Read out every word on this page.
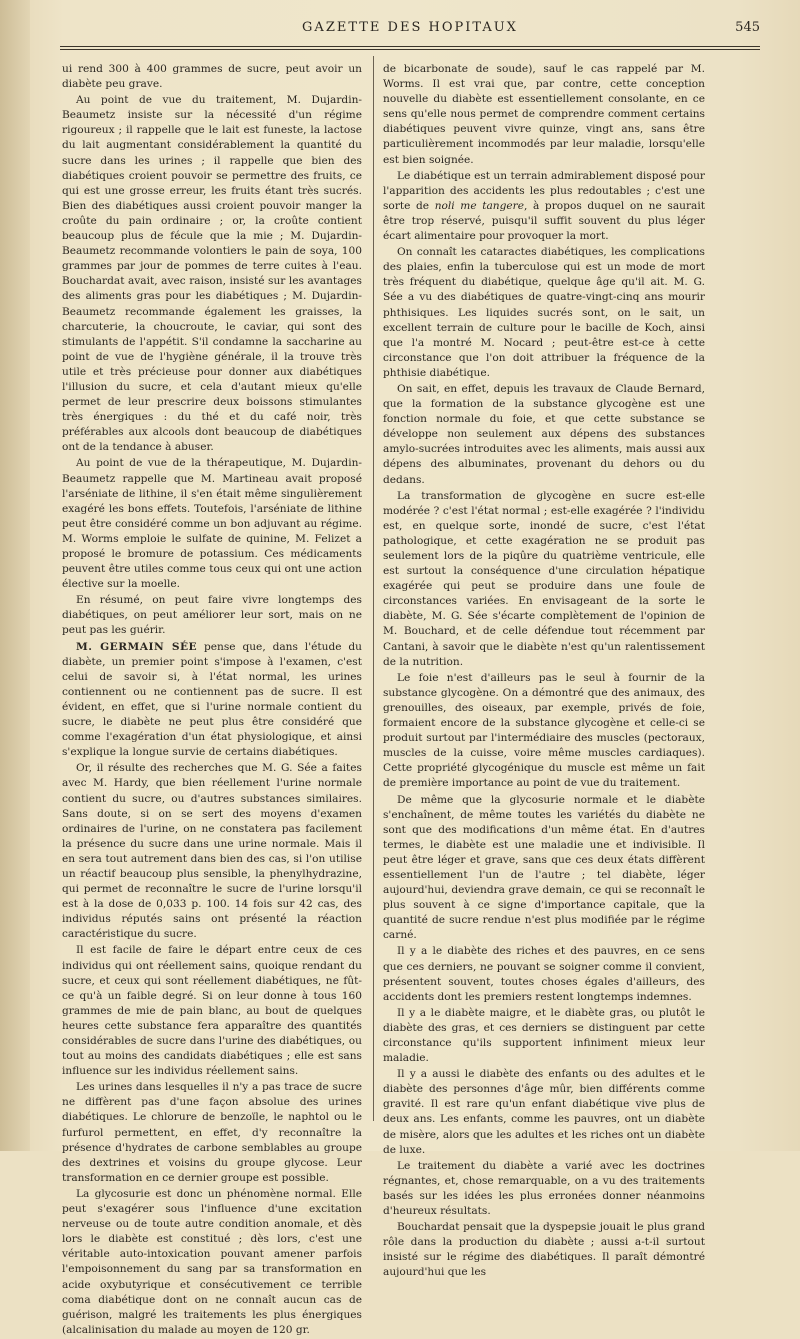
GAZETTE DES HOPITAUX	545

ui rend 300 à 400 grammes de sucre, peut avoir un diabète peu grave.

Au point de vue du traitement, M. Dujardin-Beaumetz insiste sur la nécessité d'un régime rigoureux ; il rappelle que le lait est funeste, la lactose du lait augmentant considérablement la quantité du sucre dans les urines ; il rappelle que bien des diabétiques croient pouvoir se permettre des fruits, ce qui est une grosse erreur, les fruits étant très sucrés. Bien des diabétiques aussi croient pouvoir manger la croûte du pain ordinaire ; or, la croûte contient beaucoup plus de fécule que la mie ; M. Dujardin-Beaumetz recommande volontiers le pain de soya, 100 grammes par jour de pommes de terre cuites à l'eau. Bouchardat avait, avec raison, insisté sur les avantages des aliments gras pour les diabétiques ; M. Dujardin-Beaumetz recommande également les graisses, la charcuterie, la choucroute, le caviar, qui sont des stimulants de l'appétit. S'il condamne la saccharine au point de vue de l'hygiène générale, il la trouve très utile et très précieuse pour donner aux diabétiques l'illusion du sucre, et cela d'autant mieux qu'elle permet de leur prescrire deux boissons stimulantes très énergiques : du thé et du café noir, très préférables aux alcools dont beaucoup de diabétiques ont de la tendance à abuser.

Au point de vue de la thérapeutique, M. Dujardin-Beaumetz rappelle que M. Martineau avait proposé l'arséniate de lithine, il s'en était même singulièrement exagéré les bons effets. Toutefois, l'arséniate de lithine peut être considéré comme un bon adjuvant au régime. M. Worms emploie le sulfate de quinine, M. Felizet a proposé le bromure de potassium. Ces médicaments peuvent être utiles comme tous ceux qui ont une action élective sur la moelle.

En résumé, on peut faire vivre longtemps des diabétiques, on peut améliorer leur sort, mais on ne peut pas les guérir.

M. GERMAIN SÉE pense que, dans l'étude du diabète, un premier point s'impose à l'examen, c'est celui de savoir si, à l'état normal, les urines contiennent ou ne contiennent pas de sucre. Il est évident, en effet, que si l'urine normale contient du sucre, le diabète ne peut plus être considéré que comme l'exagération d'un état physiologique, et ainsi s'explique la longue survie de certains diabétiques.

Or, il résulte des recherches que M. G. Sée a faites avec M. Hardy, que bien réellement l'urine normale contient du sucre, ou d'autres substances similaires. Sans doute, si on se sert des moyens d'examen ordinaires de l'urine, on ne constatera pas facilement la présence du sucre dans une urine normale. Mais il en sera tout autrement dans bien des cas, si l'on utilise un réactif beaucoup plus sensible, la phenylhydrazine, qui permet de reconnaître le sucre de l'urine lorsqu'il est à la dose de 0,033 p. 100. 14 fois sur 42 cas, des individus réputés sains ont présenté la réaction caractéristique du sucre.

Il est facile de faire le départ entre ceux de ces individus qui ont réellement sains, quoique rendant du sucre, et ceux qui sont réellement diabétiques, ne fût-ce qu'à un faible degré. Si on leur donne à tous 160 grammes de mie de pain blanc, au bout de quelques heures cette substance fera apparaître des quantités considérables de sucre dans l'urine des diabétiques, ou tout au moins des candidats diabétiques ; elle est sans influence sur les individus réellement sains.

Les urines dans lesquelles il n'y a pas trace de sucre ne diffèrent pas d'une façon absolue des urines diabétiques. Le chlorure de benzoïle, le naphtol ou le furfurol permettent, en effet, d'y reconnaître la présence d'hydrates de carbone semblables au groupe des dextrines et voisins du groupe glycose. Leur transformation en ce dernier groupe est possible.

La glycosurie est donc un phénomène normal. Elle peut s'exagérer sous l'influence d'une excitation nerveuse ou de toute autre condition anomale, et dès lors le diabète est constitué ; dès lors, c'est une véritable auto-intoxication pouvant amener parfois l'empoisonnement du sang par sa transformation en acide oxybutyrique et consécutivement ce terrible coma diabétique dont on ne connaît aucun cas de guérison, malgré les traitements les plus énergiques (alcalinisation du malade au moyen de 120 gr.

de bicarbonate de soude), sauf le cas rappelé par M. Worms. Il est vrai que, par contre, cette conception nouvelle du diabète est essentiellement consolante, en ce sens qu'elle nous permet de comprendre comment certains diabétiques peuvent vivre quinze, vingt ans, sans être particulièrement incommodés par leur maladie, lorsqu'elle est bien soignée.

Le diabétique est un terrain admirablement disposé pour l'apparition des accidents les plus redoutables ; c'est une sorte de noli me tangere, à propos duquel on ne saurait être trop réservé, puisqu'il suffit souvent du plus léger écart alimentaire pour provoquer la mort.

On connaît les cataractes diabétiques, les complications des plaies, enfin la tuberculose qui est un mode de mort très fréquent du diabétique, quelque âge qu'il ait. M. G. Sée a vu des diabétiques de quatre-vingt-cinq ans mourir phthisiques. Les liquides sucrés sont, on le sait, un excellent terrain de culture pour le bacille de Koch, ainsi que l'a montré M. Nocard ; peut-être est-ce à cette circonstance que l'on doit attribuer la fréquence de la phthisie diabétique.

On sait, en effet, depuis les travaux de Claude Bernard, que la formation de la substance glycogène est une fonction normale du foie, et que cette substance se développe non seulement aux dépens des substances amylo-sucrées introduites avec les aliments, mais aussi aux dépens des albuminates, provenant du dehors ou du dedans.

La transformation de glycogène en sucre est-elle modérée ? c'est l'état normal ; est-elle exagérée ? l'individu est, en quelque sorte, inondé de sucre, c'est l'état pathologique, et cette exagération ne se produit pas seulement lors de la piqûre du quatrième ventricule, elle est surtout la conséquence d'une circulation hépatique exagérée qui peut se produire dans une foule de circonstances variées. En envisageant de la sorte le diabète, M. G. Sée s'écarte complètement de l'opinion de M. Bouchard, et de celle défendue tout récemment par Cantani, à savoir que le diabète n'est qu'un ralentissement de la nutrition.

Le foie n'est d'ailleurs pas le seul à fournir de la substance glycogène. On a démontré que des animaux, des grenouilles, des oiseaux, par exemple, privés de foie, formaient encore de la substance glycogène et celle-ci se produit surtout par l'intermédiaire des muscles (pectoraux, muscles de la cuisse, voire même muscles cardiaques). Cette propriété glycogénique du muscle est même un fait de première importance au point de vue du traitement.

De même que la glycosurie normale et le diabète s'enchaînent, de même toutes les variétés du diabète ne sont que des modifications d'un même état. En d'autres termes, le diabète est une maladie une et indivisible. Il peut être léger et grave, sans que ces deux états diffèrent essentiellement l'un de l'autre ; tel diabète, léger aujourd'hui, deviendra grave demain, ce qui se reconnaît le plus souvent à ce signe d'importance capitale, que la quantité de sucre rendue n'est plus modifiée par le régime carné.

Il y a le diabète des riches et des pauvres, en ce sens que ces derniers, ne pouvant se soigner comme il convient, présentent souvent, toutes choses égales d'ailleurs, des accidents dont les premiers restent longtemps indemnes.

Il y a le diabète maigre, et le diabète gras, ou plutôt le diabète des gras, et ces derniers se distinguent par cette circonstance qu'ils supportent infiniment mieux leur maladie.

Il y a aussi le diabète des enfants ou des adultes et le diabète des personnes d'âge mûr, bien différents comme gravité. Il est rare qu'un enfant diabétique vive plus de deux ans. Les enfants, comme les pauvres, ont un diabète de misère, alors que les adultes et les riches ont un diabète de luxe.

Le traitement du diabète a varié avec les doctrines régnantes, et, chose remarquable, on a vu des traitements basés sur les idées les plus erronées donner néanmoins d'heureux résultats.

Bouchardat pensait que la dyspepsie jouait le plus grand rôle dans la production du diabète ; aussi a-t-il surtout insisté sur le régime des diabétiques. Il paraît démontré aujourd'hui que les
